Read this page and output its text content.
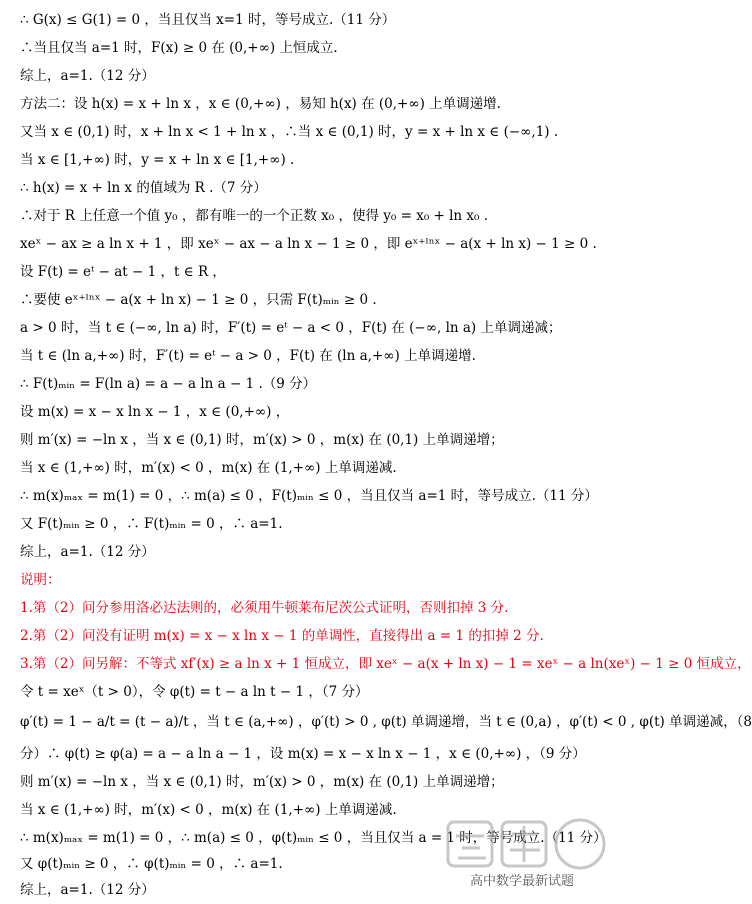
∴ G(x) ≤ G(1) = 0 ，当且仅当 x=1 时，等号成立.（11 分）
∴当且仅当 a=1 时，F(x) ≥ 0 在 (0,+∞) 上恒成立.
综上，a=1.（12 分）
方法二：设 h(x) = x + ln x ，x ∈ (0,+∞) ，易知 h(x) 在 (0,+∞) 上单调递增.
又当 x ∈ (0,1) 时，x + ln x < 1 + ln x ，∴当 x ∈ (0,1) 时，y = x + ln x ∈ (−∞,1) .
当 x ∈ [1,+∞) 时，y = x + ln x ∈ [1,+∞) .
∴ h(x) = x + ln x 的值域为 R .（7 分）
∴对于 R 上任意一个值 y₀ ，都有唯一的一个正数 x₀ ，使得 y₀ = x₀ + ln x₀ .
xeˣ − ax ≥ a ln x + 1 ，即 xeˣ − ax − a ln x − 1 ≥ 0 ，即 eˣ⁺ˡⁿˣ − a(x + ln x) − 1 ≥ 0 .
设 F(t) = eᵗ − at − 1 ，t ∈ R ，
∴要使 eˣ⁺ˡⁿˣ − a(x + ln x) − 1 ≥ 0 ，只需 F(t)ₘᵢₙ ≥ 0 .
a > 0 时，当 t ∈ (−∞, ln a) 时，F′(t) = eᵗ − a < 0 ，F(t) 在 (−∞, ln a) 上单调递减；
当 t ∈ (ln a,+∞) 时，F′(t) = eᵗ − a > 0 ，F(t) 在 (ln a,+∞) 上单调递增.
∴ F(t)ₘᵢₙ = F(ln a) = a − a ln a − 1 .（9 分）
设 m(x) = x − x ln x − 1 ，x ∈ (0,+∞) ，
则 m′(x) = −ln x ，当 x ∈ (0,1) 时，m′(x) > 0 ，m(x) 在 (0,1) 上单调递增；
当 x ∈ (1,+∞) 时，m′(x) < 0 ，m(x) 在 (1,+∞) 上单调递减.
∴ m(x)ₘₐₓ = m(1) = 0 ，∴ m(a) ≤ 0 ，F(t)ₘᵢₙ ≤ 0 ，当且仅当 a=1 时，等号成立.（11 分）
又 F(t)ₘᵢₙ ≥ 0 ，∴ F(t)ₘᵢₙ = 0 ，∴ a=1.
综上，a=1.（12 分）
说明：
1.第（2）问分参用洛必达法则的，必须用牛顿莱布尼茨公式证明，否则扣掉 3 分.
2.第（2）问没有证明 m(x) = x − x ln x − 1 的单调性，直接得出 a = 1 的扣掉 2 分.
3.第（2）问另解：不等式 xf′(x) ≥ a ln x + 1 恒成立，即 xeˣ − a(x + ln x) − 1 = xeˣ − a ln(xeˣ) − 1 ≥ 0 恒成立，
令 t = xeˣ（t > 0），令 φ(t) = t − a ln t − 1 ，（7 分）
φ′(t) = 1 − a/t = (t − a)/t ，当 t ∈ (a,+∞) ，φ′(t) > 0 , φ(t) 单调递增，当 t ∈ (0,a) ，φ′(t) < 0 , φ(t) 单调递减，（8
分）∴ φ(t) ≥ φ(a) = a − a ln a − 1 ，设 m(x) = x − x ln x − 1 ，x ∈ (0,+∞) ，（9 分）
则 m′(x) = −ln x ，当 x ∈ (0,1) 时，m′(x) > 0 ，m(x) 在 (0,1) 上单调递增；
当 x ∈ (1,+∞) 时，m′(x) < 0 ，m(x) 在 (1,+∞) 上单调递减.
∴ m(x)ₘₐₓ = m(1) = 0 ，∴ m(a) ≤ 0 ，φ(t)ₘᵢₙ ≤ 0 ，当且仅当 a = 1 时，等号成立.（11 分）
又 φ(t)ₘᵢₙ ≥ 0 ，∴ φ(t)ₘᵢₙ = 0 ，∴ a=1.
综上，a=1.（12 分）
高中数学最新试题
